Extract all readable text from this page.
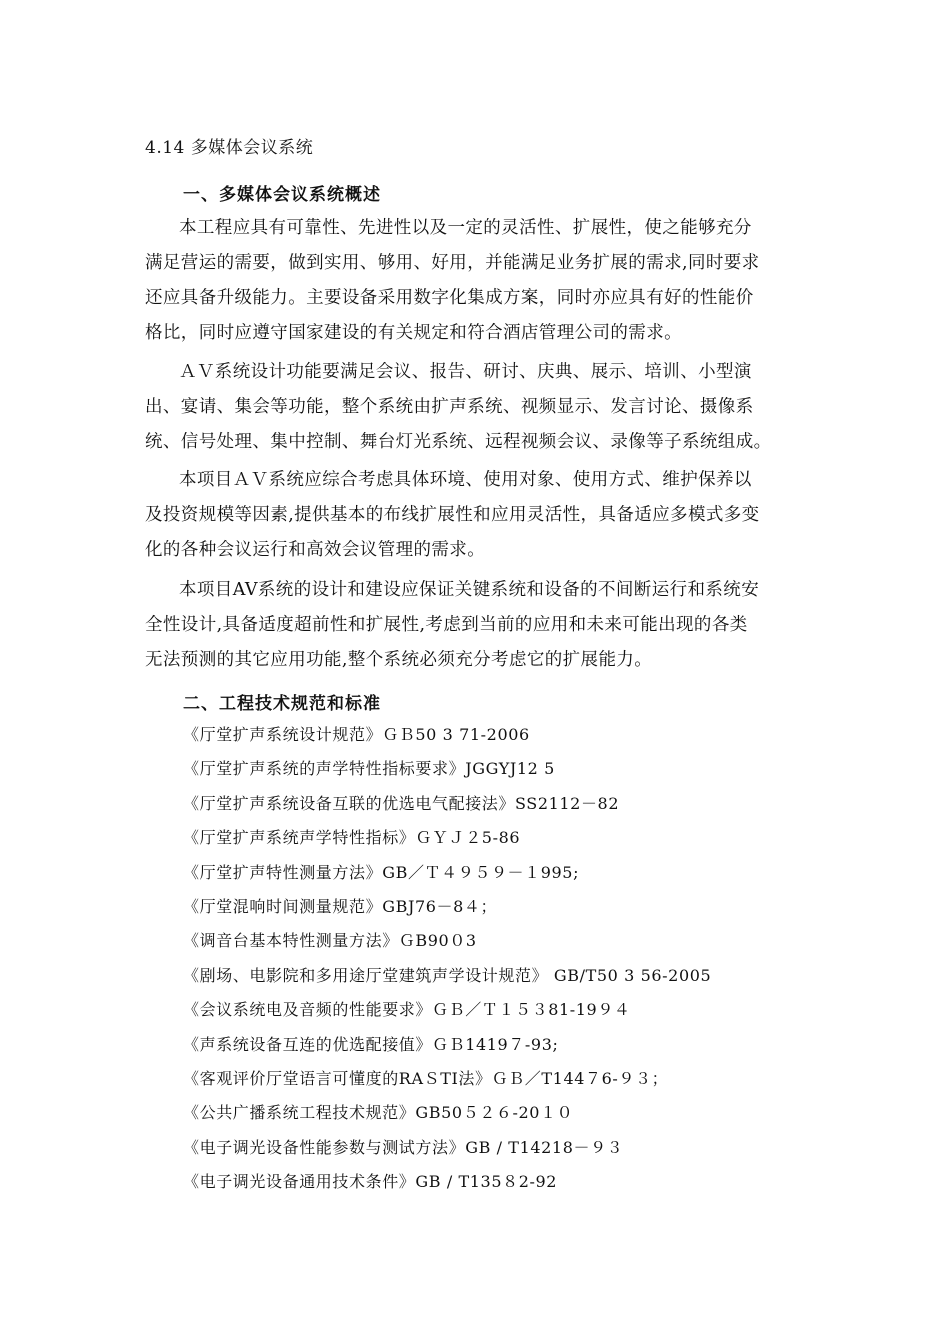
4.14 多媒体会议系统
一、多媒体会议系统概述
本工程应具有可靠性、先进性以及一定的灵活性、扩展性，使之能够充分
满足营运的需要，做到实用、够用、好用，并能满足业务扩展的需求,同时要求
还应具备升级能力。主要设备采用数字化集成方案，同时亦应具有好的性能价
格比，同时应遵守国家建设的有关规定和符合酒店管理公司的需求。
ＡＶ系统设计功能要满足会议、报告、研讨、庆典、展示、培训、小型演
出、宴请、集会等功能，整个系统由扩声系统、视频显示、发言讨论、摄像系
统、信号处理、集中控制、舞台灯光系统、远程视频会议、录像等子系统组成。
本项目ＡＶ系统应综合考虑具体环境、使用对象、使用方式、维护保养以
及投资规模等因素,提供基本的布线扩展性和应用灵活性，具备适应多模式多变
化的各种会议运行和高效会议管理的需求。
本项目AV系统的设计和建设应保证关键系统和设备的不间断运行和系统安
全性设计,具备适度超前性和扩展性,考虑到当前的应用和未来可能出现的各类
无法预测的其它应用功能,整个系统必须充分考虑它的扩展能力。
二、工程技术规范和标准
《厅堂扩声系统设计规范》ＧＢ50 3 71-2006
《厅堂扩声系统的声学特性指标要求》JGGYJ12 5
《厅堂扩声系统设备互联的优选电气配接法》SS2112－82
《厅堂扩声系统声学特性指标》ＧＹＪ２5-86
《厅堂扩声特性测量方法》GB／Ｔ４９５９－１995;
《厅堂混响时间测量规范》GBJ76－8４；
《调音台基本特性测量方法》ＧB90０3
《剧场、电影院和多用途厅堂建筑声学设计规范》 GB/T50 3 56-2005
《会议系统电及音频的性能要求》ＧＢ／Ｔ１５３81-19９４
《声系统设备互连的优选配接值》ＧＢ1419７-93;
《客观评价厅堂语言可懂度的RAＳTI法》ＧＢ／T144７6-９３；
《公共广播系统工程技术规范》GB50５２６-20１０
《电子调光设备性能参数与测试方法》GB / T14218－９３
《电子调光设备通用技术条件》GB / T135８2-92
